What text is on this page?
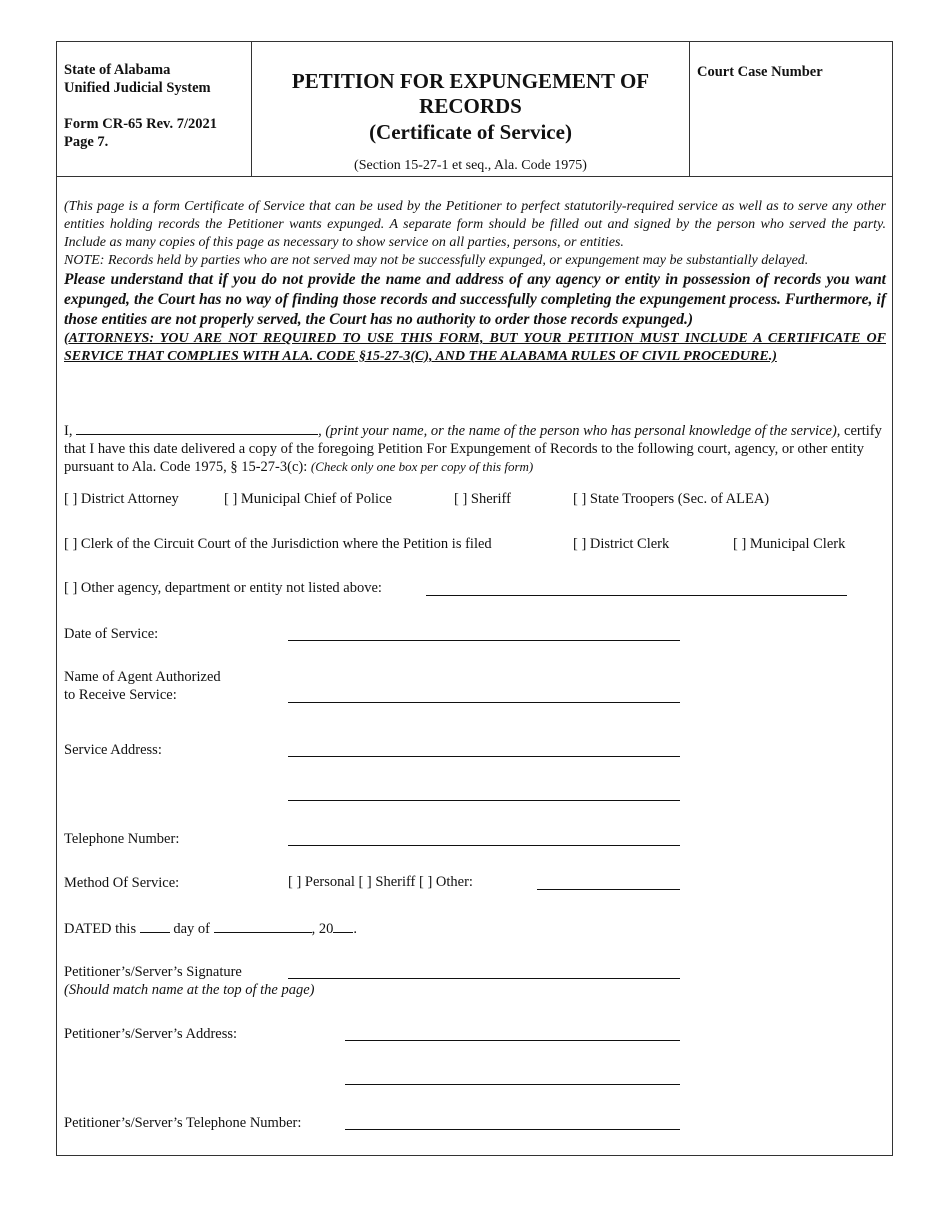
State of Alabama
Unified Judicial System
Form CR-65 Rev. 7/2021
Page 7.
PETITION FOR EXPUNGEMENT OF
RECORDS
(Certificate of Service)
(Section 15-27-1 et seq., Ala. Code 1975)
Court Case Number

(This page is a form Certificate of Service that can be used by the Petitioner to perfect statutorily-required service as well as to serve any other entities holding records the Petitioner wants expunged. A separate form should be filled out and signed by the person who served the party. Include as many copies of this page as necessary to show service on all parties, persons, or entities.

NOTE: Records held by parties who are not served may not be successfully expunged, or expungement may be substantially delayed.

Please understand that if you do not provide the name and address of any agency or entity in possession of records you want expunged, the Court has no way of finding those records and successfully completing the expungement process. Furthermore, if those entities are not properly served, the Court has no authority to order those records expunged.)

(ATTORNEYS: YOU ARE NOT REQUIRED TO USE THIS FORM, BUT YOUR PETITION MUST INCLUDE A CERTIFICATE OF SERVICE THAT COMPLIES WITH ALA. CODE §15-27-3(C), AND THE ALABAMA RULES OF CIVIL PROCEDURE.)

I,	, (print your name, or the name of the person who has personal knowledge of the service), certify that I have this date delivered a copy of the foregoing Petition For Expungement of Records to the following court, agency, or other entity pursuant to Ala. Code 1975, § 15-27-3(c): (Check only one box per copy of this form)
[ ] District Attorney	[ ] Municipal Chief of Police	[ ] Sheriff	[ ] State Troopers (Sec. of ALEA)
[ ] Clerk of the Circuit Court of the Jurisdiction where the Petition is filed	[ ] District Clerk	[ ] Municipal Clerk
[ ] Other agency, department or entity not listed above:
Date of Service:
Name of Agent Authorized
to Receive Service:
Service Address:
Telephone Number:
Method Of Service:	[ ] Personal [ ] Sheriff [ ] Other:
DATED this	day of	, 20 .
Petitioner’s/Server’s Signature
(Should match name at the top of the page)
Petitioner’s/Server’s Address:
Petitioner’s/Server’s Telephone Number:
